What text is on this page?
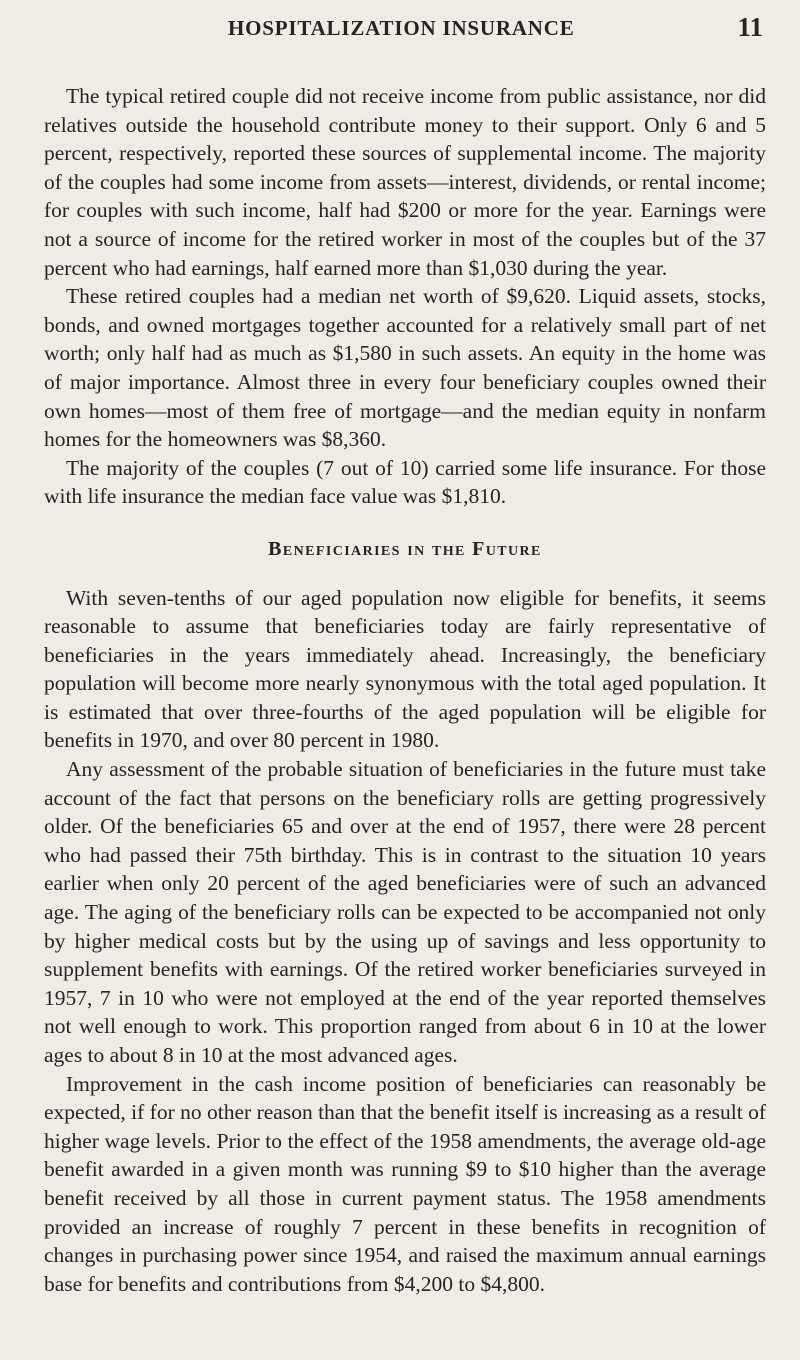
HOSPITALIZATION INSURANCE	11

The typical retired couple did not receive income from public assistance, nor did relatives outside the household contribute money to their support. Only 6 and 5 percent, respectively, reported these sources of supplemental income. The majority of the couples had some income from assets—interest, dividends, or rental income; for couples with such income, half had $200 or more for the year. Earnings were not a source of income for the retired worker in most of the couples but of the 37 percent who had earnings, half earned more than $1,030 during the year.

These retired couples had a median net worth of $9,620. Liquid assets, stocks, bonds, and owned mortgages together accounted for a relatively small part of net worth; only half had as much as $1,580 in such assets. An equity in the home was of major importance. Almost three in every four beneficiary couples owned their own homes—most of them free of mortgage—and the median equity in nonfarm homes for the homeowners was $8,360.

The majority of the couples (7 out of 10) carried some life insurance. For those with life insurance the median face value was $1,810.

Beneficiaries in the Future

With seven-tenths of our aged population now eligible for benefits, it seems reasonable to assume that beneficiaries today are fairly representative of beneficiaries in the years immediately ahead. Increasingly, the beneficiary population will become more nearly synonymous with the total aged population. It is estimated that over three-fourths of the aged population will be eligible for benefits in 1970, and over 80 percent in 1980.

Any assessment of the probable situation of beneficiaries in the future must take account of the fact that persons on the beneficiary rolls are getting progressively older. Of the beneficiaries 65 and over at the end of 1957, there were 28 percent who had passed their 75th birthday. This is in contrast to the situation 10 years earlier when only 20 percent of the aged beneficiaries were of such an advanced age. The aging of the beneficiary rolls can be expected to be accompanied not only by higher medical costs but by the using up of savings and less opportunity to supplement benefits with earnings. Of the retired worker beneficiaries surveyed in 1957, 7 in 10 who were not employed at the end of the year reported themselves not well enough to work. This proportion ranged from about 6 in 10 at the lower ages to about 8 in 10 at the most advanced ages.

Improvement in the cash income position of beneficiaries can reasonably be expected, if for no other reason than that the benefit itself is increasing as a result of higher wage levels. Prior to the effect of the 1958 amendments, the average old-age benefit awarded in a given month was running $9 to $10 higher than the average benefit received by all those in current payment status. The 1958 amendments provided an increase of roughly 7 percent in these benefits in recognition of changes in purchasing power since 1954, and raised the maximum annual earnings base for benefits and contributions from $4,200 to $4,800.
